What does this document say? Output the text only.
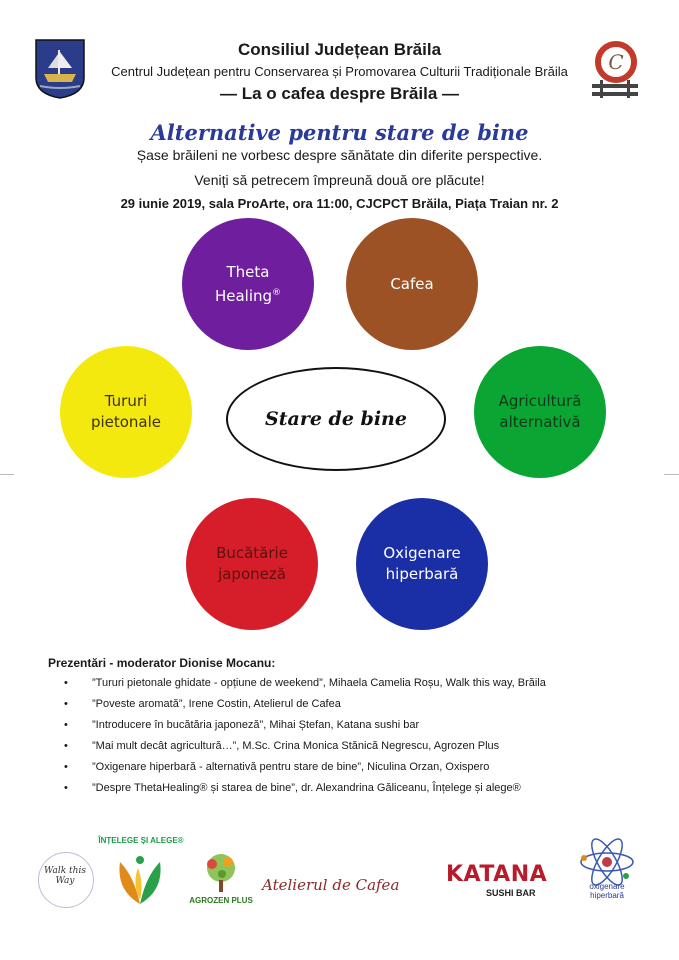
C
Consiliul Județean Brăila
Centrul Județean pentru Conservarea și Promovarea Culturii Tradiționale Brăila
— La o cafea despre Brăila —
Alternative pentru stare de bine
Șase brăileni ne vorbesc despre sănătate din diferite perspective.
Veniți să petrecem împreună două ore plăcute!
29 iunie 2019, sala ProArte, ora 11:00, CJCPCT Brăila, Piața Traian nr. 2
Theta
Healing®	Cafea
Tururi
pietonale	Stare de bine
Agricultură
alternativă
Bucătărie
japoneză
Oxigenare
hiperbară
Prezentări - moderator Dionise Mocanu:
• ”Tururi pietonale ghidate - opțiune de weekend”, Mihaela Camelia Roșu, Walk this way, Brăila
• ”Poveste aromată”, Irene Costin, Atelierul de Cafea
• ”Introducere în bucătăria japoneză”, Mihai Ștefan, Katana sushi bar
• ”Mai mult decât agricultură…”, M.Sc. Crina Monica Stănică Negrescu, Agrozen Plus
• ”Oxigenare hiperbară - alternativă pentru stare de bine”, Niculina Orzan, Oxispero
• ”Despre ThetaHealing® și starea de bine”, dr. Alexandrina Găliceanu, Înțelege și alege®
Walk this Way
ÎNȚELEGE ȘI ALEGE®
AGROZEN PLUS
Atelierul de Cafea KATANA
SUSHI BAR
oxigenare hiperbară
